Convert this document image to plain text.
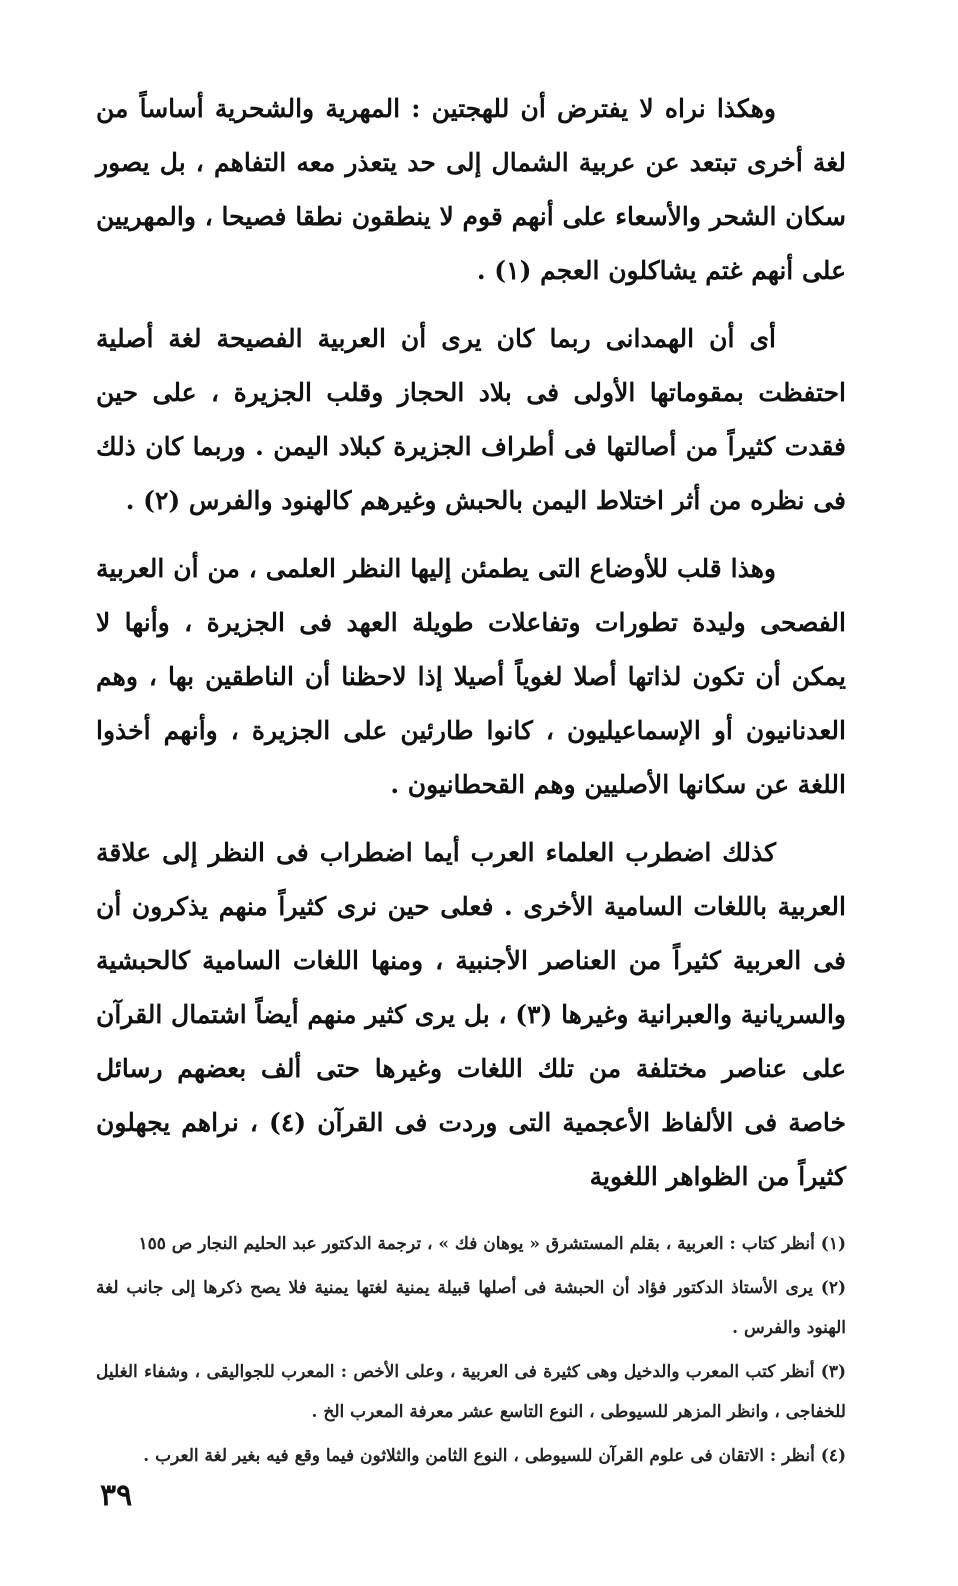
وهكذا نراه لا يفترض أن للهجتين : المهرية والشحرية أساساً من لغة أخرى تبتعد عن عربية الشمال إلى حد يتعذر معه التفاهم ، بل يصور سكان الشحر والأسعاء على أنهم قوم لا ينطقون نطقا فصيحا ، والمهريين على أنهم غتم يشاكلون العجم (١) .

أى أن الهمدانى ربما كان يرى أن العربية الفصيحة لغة أصلية احتفظت بمقوماتها الأولى فى بلاد الحجاز وقلب الجزيرة ، على حين فقدت كثيراً من أصالتها فى أطراف الجزيرة كبلاد اليمن . وربما كان ذلك فى نظره من أثر اختلاط اليمن بالحبش وغيرهم كالهنود والفرس (٢) .

وهذا قلب للأوضاع التى يطمئن إليها النظر العلمى ، من أن العربية الفصحى وليدة تطورات وتفاعلات طويلة العهد فى الجزيرة ، وأنها لا يمكن أن تكون لذاتها أصلا لغوياً أصيلا إذا لاحظنا أن الناطقين بها ، وهم العدنانيون أو الإسماعيليون ، كانوا طارئين على الجزيرة ، وأنهم أخذوا اللغة عن سكانها الأصليين وهم القحطانيون .

كذلك اضطرب العلماء العرب أيما اضطراب فى النظر إلى علاقة العربية باللغات السامية الأخرى . فعلى حين نرى كثيراً منهم يذكرون أن فى العربية كثيراً من العناصر الأجنبية ، ومنها اللغات السامية كالحبشية والسريانية والعبرانية وغيرها (٣) ، بل يرى كثير منهم أيضاً اشتمال القرآن على عناصر مختلفة من تلك اللغات وغيرها حتى ألف بعضهم رسائل خاصة فى الألفاظ الأعجمية التى وردت فى القرآن (٤) ، نراهم يجهلون كثيراً من الظواهر اللغوية

(١) أنظر كتاب : العربية ، بقلم المستشرق « يوهان فك » ، ترجمة الدكتور عبد الحليم النجار ص ١٥٥

(٢) يرى الأستاذ الدكتور فؤاد أن الحبشة فى أصلها قبيلة يمنية لغتها يمنية فلا يصح ذكرها إلى جانب لغة الهنود والفرس .

(٣) أنظر كتب المعرب والدخيل وهى كثيرة فى العربية ، وعلى الأخص : المعرب للجواليقى ، وشفاء الغليل للخفاجى ، وانظر المزهر للسيوطى ، النوع التاسع عشر معرفة المعرب الخ .

(٤) أنظر : الاتقان فى علوم القرآن للسيوطى ، النوع الثامن والثلاثون فيما وقع فيه بغير لغة العرب .

٣٩
